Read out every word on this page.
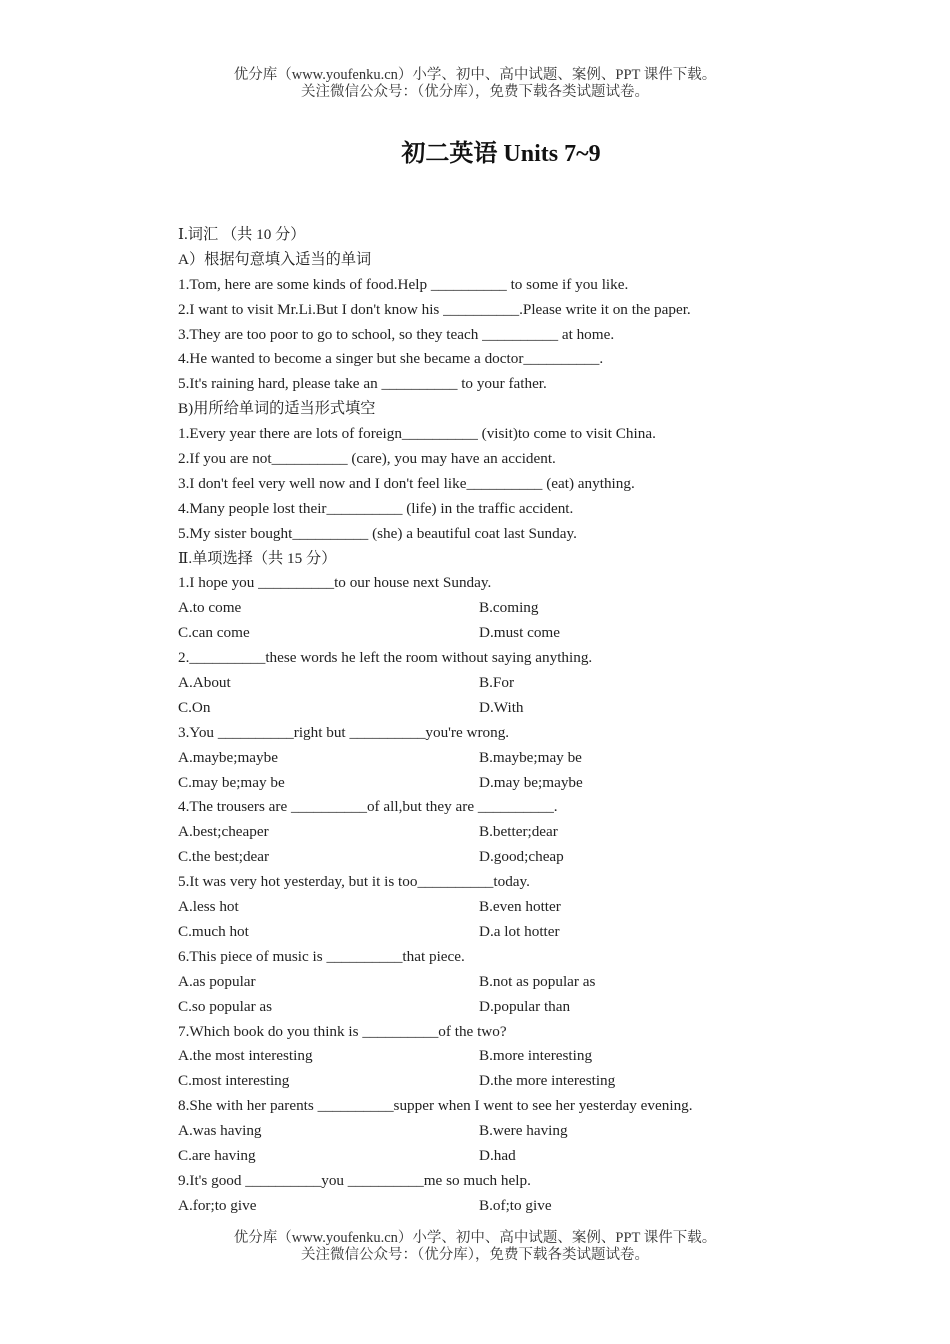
优分库（www.youfenku.cn）小学、初中、高中试题、案例、PPT 课件下载。
关注微信公众号：（优分库），免费下载各类试题试卷。
初二英语 Units 7~9
Ⅰ.词汇 （共 10 分）
A）根据句意填入适当的单词
1.Tom, here are some kinds of food.Help __________ to some if you like.
2.I want to visit Mr.Li.But I don't know his __________.Please write it on the paper.
3.They are too poor to go to school, so they teach __________ at home.
4.He wanted to become a singer but she became a doctor__________.
5.It's raining hard, please take an __________ to your father.
B)用所给单词的适当形式填空
1.Every year there are lots of foreign__________ (visit)to come to visit China.
2.If you are not__________ (care), you may have an accident.
3.I don't feel very well now and I don't feel like__________ (eat) anything.
4.Many people lost their__________ (life) in the traffic accident.
5.My sister bought__________ (she) a beautiful coat last Sunday.
Ⅱ.单项选择（共 15 分）
1.I hope you __________to our house next Sunday.
A.to come	B.coming
C.can come	D.must come
2.__________these words he left the room without saying anything.
A.About	B.For
C.On	D.With
3.You __________right but __________you're wrong.
A.maybe;maybe	B.maybe;may be
C.may be;may be	D.may be;maybe
4.The trousers are __________of all,but they are __________.
A.best;cheaper	B.better;dear
C.the best;dear	D.good;cheap
5.It was very hot yesterday, but it is too__________today.
A.less hot	B.even hotter
C.much hot	D.a lot hotter
6.This piece of music is __________that piece.
A.as popular	B.not as popular as
C.so popular as	D.popular than
7.Which book do you think is __________of the two?
A.the most interesting	B.more interesting
C.most interesting	D.the more interesting
8.She with her parents __________supper when I went to see her yesterday evening.
A.was having	B.were having
C.are having	D.had
9.It's good __________you __________me so much help.
A.for;to give	B.of;to give
优分库（www.youfenku.cn）小学、初中、高中试题、案例、PPT 课件下载。
关注微信公众号：（优分库），免费下载各类试题试卷。
